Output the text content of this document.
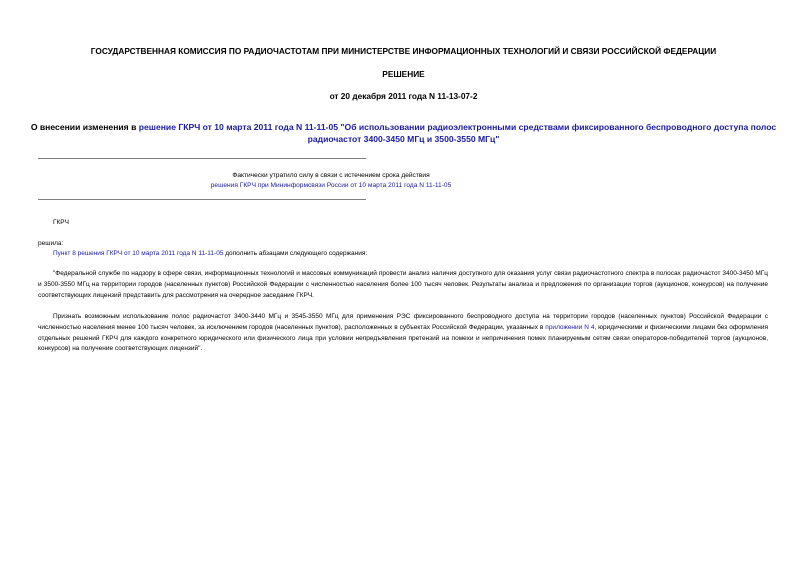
ГОСУДАРСТВЕННАЯ КОМИССИЯ ПО РАДИОЧАСТОТАМ ПРИ МИНИСТЕРСТВЕ ИНФОРМАЦИОННЫХ ТЕХНОЛОГИЙ И СВЯЗИ РОССИЙСКОЙ ФЕДЕРАЦИИ
РЕШЕНИЕ
от 20 декабря 2011 года N 11-13-07-2
О внесении изменения в решение ГКРЧ от 10 марта 2011 года N 11-11-05 "Об использовании радиоэлектронными средствами фиксированного беспроводного доступа полос радиочастот 3400-3450 МГц и 3500-3550 МГц"
Фактически утратило силу в связи с истечением срока действия
решения ГКРЧ при Мининформсвязи России от 10 марта 2011 года N 11-11-05
ГКРЧ
решила:
Пункт 8 решения ГКРЧ от 10 марта 2011 года N 11-11-05 дополнить абзацами следующего содержания:
"Федеральной службе по надзору в сфере связи, информационных технологий и массовых коммуникаций провести анализ наличия доступного для оказания услуг связи радиочастотного спектра в полосах радиочастот 3400-3450 МГц и 3500-3550 МГц на территории городов (населенных пунктов) Российской Федерации с численностью населения более 100 тысяч человек. Результаты анализа и предложения по организации торгов (аукционов, конкурсов) на получение соответствующих лицензий представить для рассмотрения на очередное заседание ГКРЧ.
Признать возможным использование полос радиочастот 3400-3440 МГц и 3545-3550 МГц для применения РЭС фиксированного беспроводного доступа на территории городов (населенных пунктов) Российской Федерации с численностью населения менее 100 тысяч человек, за исключением городов (населенных пунктов), расположенных в субъектах Российской Федерации, указанных в приложении N 4, юридическими и физическими лицами без оформления отдельных решений ГКРЧ для каждого конкретного юридического или физического лица при условии непредъявления претензий на помехи и непричинения помех планируемым сетям связи операторов-победителей торгов (аукционов, конкурсов) на получение соответствующих лицензий".
